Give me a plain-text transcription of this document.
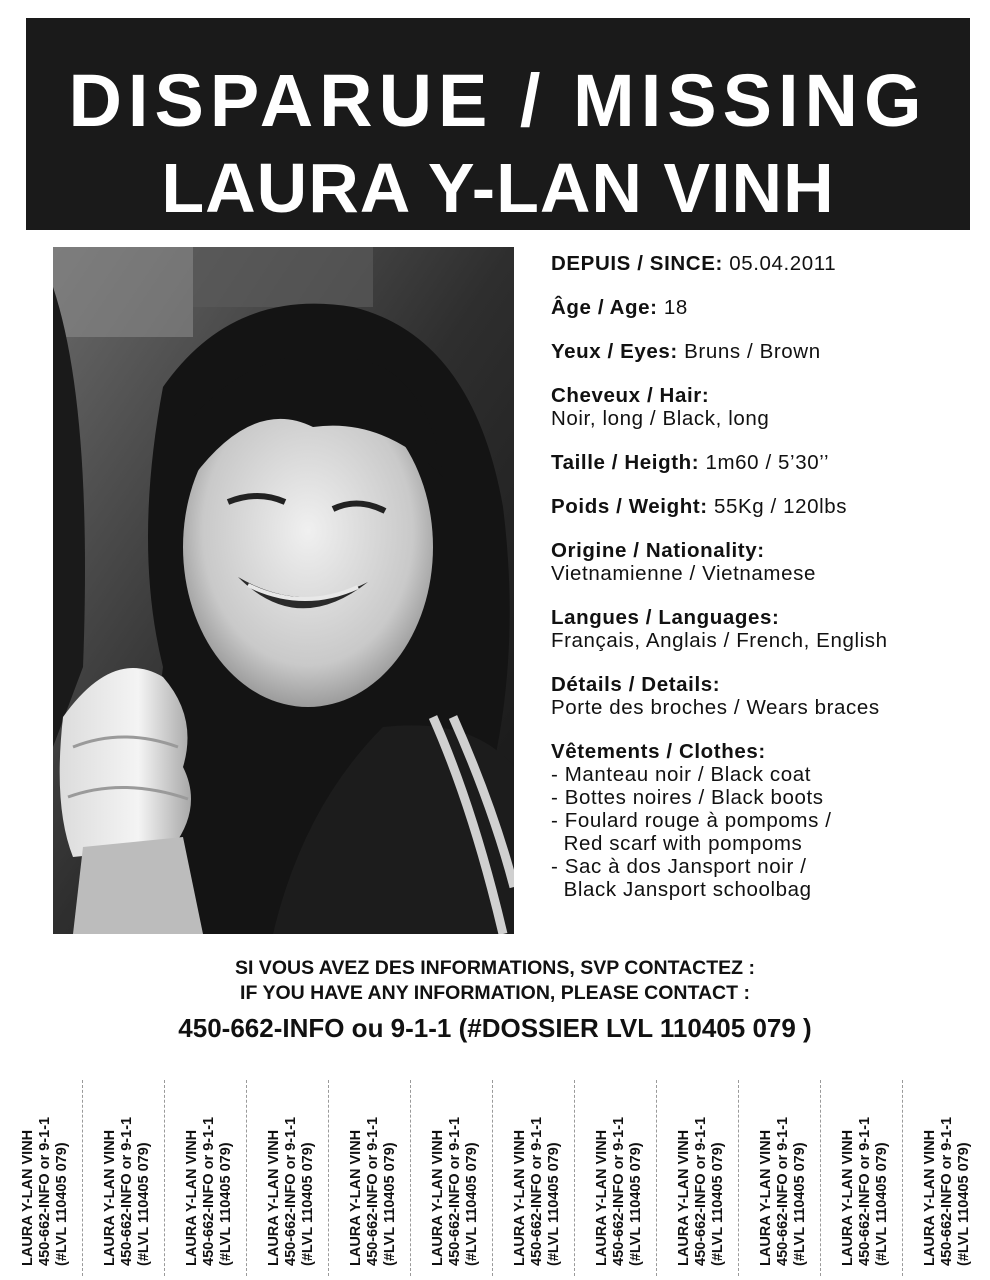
DISPARUE / MISSING
LAURA Y-LAN VINH
DEPUIS / SINCE: 05.04.2011
Âge / Age: 18
Yeux / Eyes: Bruns / Brown
Cheveux / Hair:
Noir, long / Black, long
Taille / Heigth: 1m60 / 5’30’’
Poids / Weight: 55Kg / 120lbs
Origine / Nationality:
Vietnamienne / Vietnamese
Langues / Languages:
Français, Anglais / French, English
Détails / Details:
Porte des broches / Wears braces
Vêtements / Clothes:
- Manteau noir / Black coat
- Bottes noires / Black boots
- Foulard rouge à pompoms /
Red scarf with pompoms
- Sac à dos Jansport noir /
Black Jansport schoolbag
SI VOUS AVEZ DES INFORMATIONS, SVP CONTACTEZ :
IF YOU HAVE ANY INFORMATION, PLEASE CONTACT :
450-662-INFO ou 9-1-1 (#DOSSIER LVL 110405 079 )
LAURA Y-LAN VINH 450-662-INFO or 9-1-1 (#LVL 110405 079) LAURA Y-LAN VINH 450-662-INFO or 9-1-1 (#LVL 110405 079) LAURA Y-LAN VINH 450-662-INFO or 9-1-1 (#LVL 110405 079) LAURA Y-LAN VINH 450-662-INFO or 9-1-1 (#LVL 110405 079) LAURA Y-LAN VINH 450-662-INFO or 9-1-1 (#LVL 110405 079) LAURA Y-LAN VINH 450-662-INFO or 9-1-1 (#LVL 110405 079) LAURA Y-LAN VINH 450-662-INFO or 9-1-1 (#LVL 110405 079) LAURA Y-LAN VINH 450-662-INFO or 9-1-1 (#LVL 110405 079) LAURA Y-LAN VINH 450-662-INFO or 9-1-1 (#LVL 110405 079) LAURA Y-LAN VINH 450-662-INFO or 9-1-1 (#LVL 110405 079) LAURA Y-LAN VINH 450-662-INFO or 9-1-1 (#LVL 110405 079) LAURA Y-LAN VINH 450-662-INFO or 9-1-1 (#LVL 110405 079)
